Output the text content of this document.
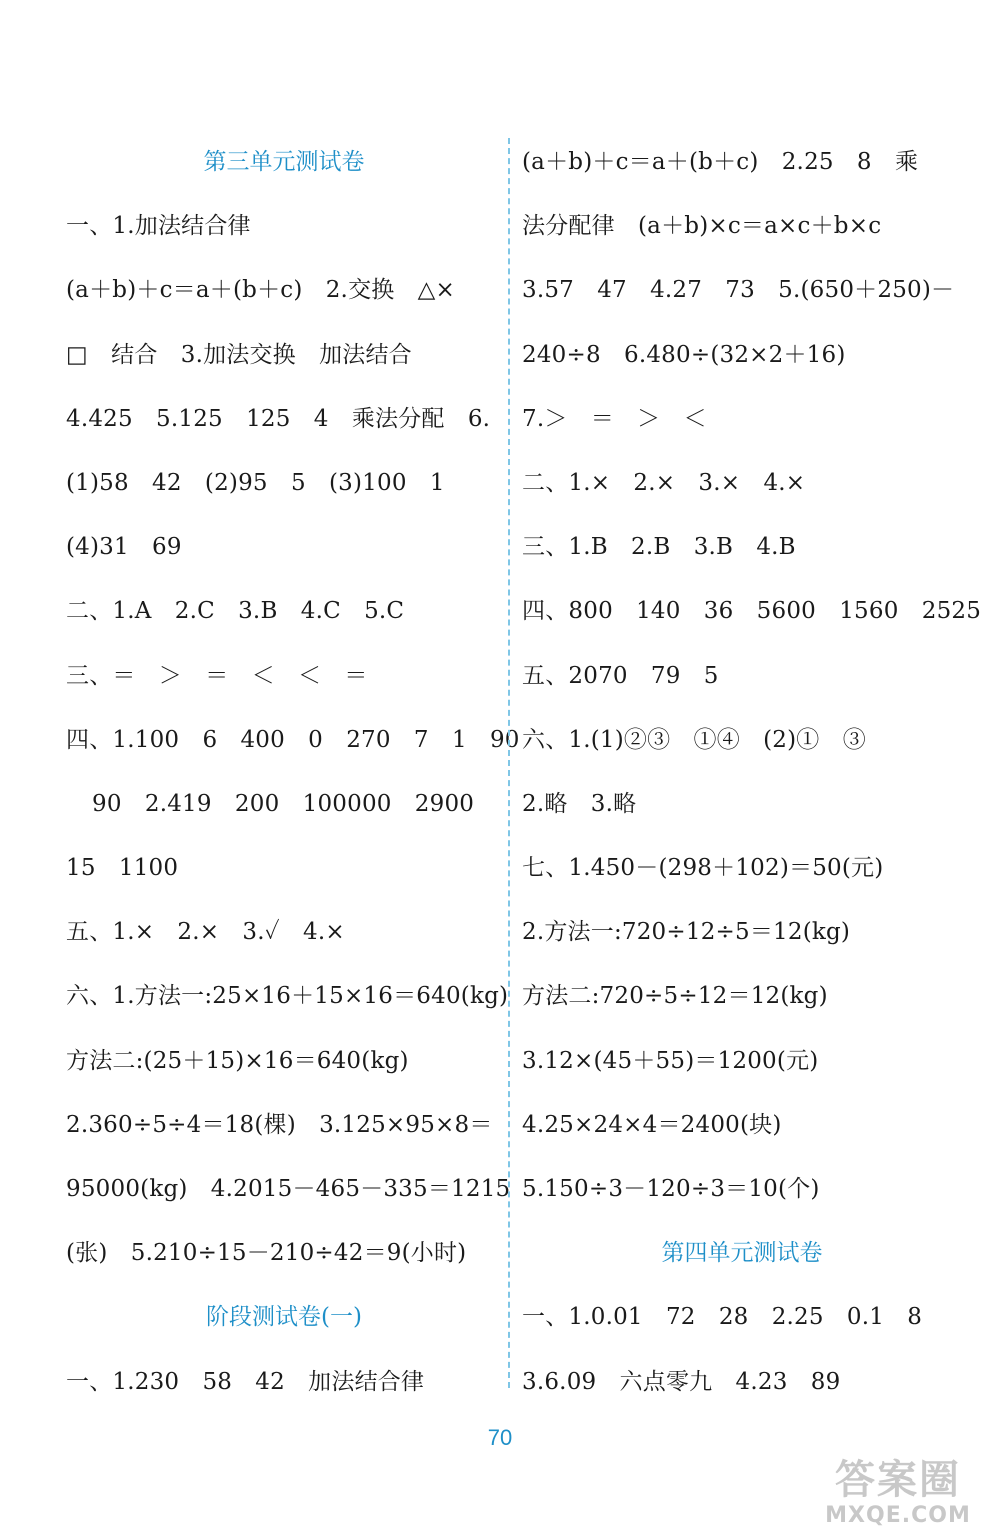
第三单元测试卷
一、1.加法结合律
(a＋b)＋c＝a＋(b＋c)　2.交换　△×
□　结合　3.加法交换　加法结合
4.425　5.125　125　4　乘法分配　6.
(1)58　42　(2)95　5　(3)100　1
(4)31　69
二、1.A　2.C　3.B　4.C　5.C
三、＝　＞　＝　＜　＜　＝
四、1.100　6　400　0　270　7　1　90
90　2.419　200　100000　2900
15　1100
五、1.×　2.×　3.✓　4.×
六、1.方法一:25×16＋15×16＝640(kg)
方法二:(25＋15)×16＝640(kg)
2.360÷5÷4＝18(棵)　3.125×95×8＝
95000(kg)　4.2015－465－335＝1215
(张)　5.210÷15－210÷42＝9(小时)
阶段测试卷(一)
一、1.230　58　42　加法结合律
(a＋b)＋c＝a＋(b＋c)　2.25　8　乘
法分配律　(a＋b)×c＝a×c＋b×c
3.57　47　4.27　73　5.(650＋250)－
240÷8　6.480÷(32×2＋16)
7.＞　＝　＞　＜
二、1.×　2.×　3.×　4.×
三、1.B　2.B　3.B　4.B
四、800　140　36　5600　1560　2525
五、2070　79　5
六、1.(1)②③　①④　(2)①　③
2.略　3.略
七、1.450－(298＋102)＝50(元)
2.方法一:720÷12÷5＝12(kg)
方法二:720÷5÷12＝12(kg)
3.12×(45＋55)＝1200(元)
4.25×24×4＝2400(块)
5.150÷3－120÷3＝10(个)
第四单元测试卷
一、1.0.01　72　28　2.25　0.1　8
3.6.09　六点零九　4.23　89
70
答案圈
MXQE.COM
